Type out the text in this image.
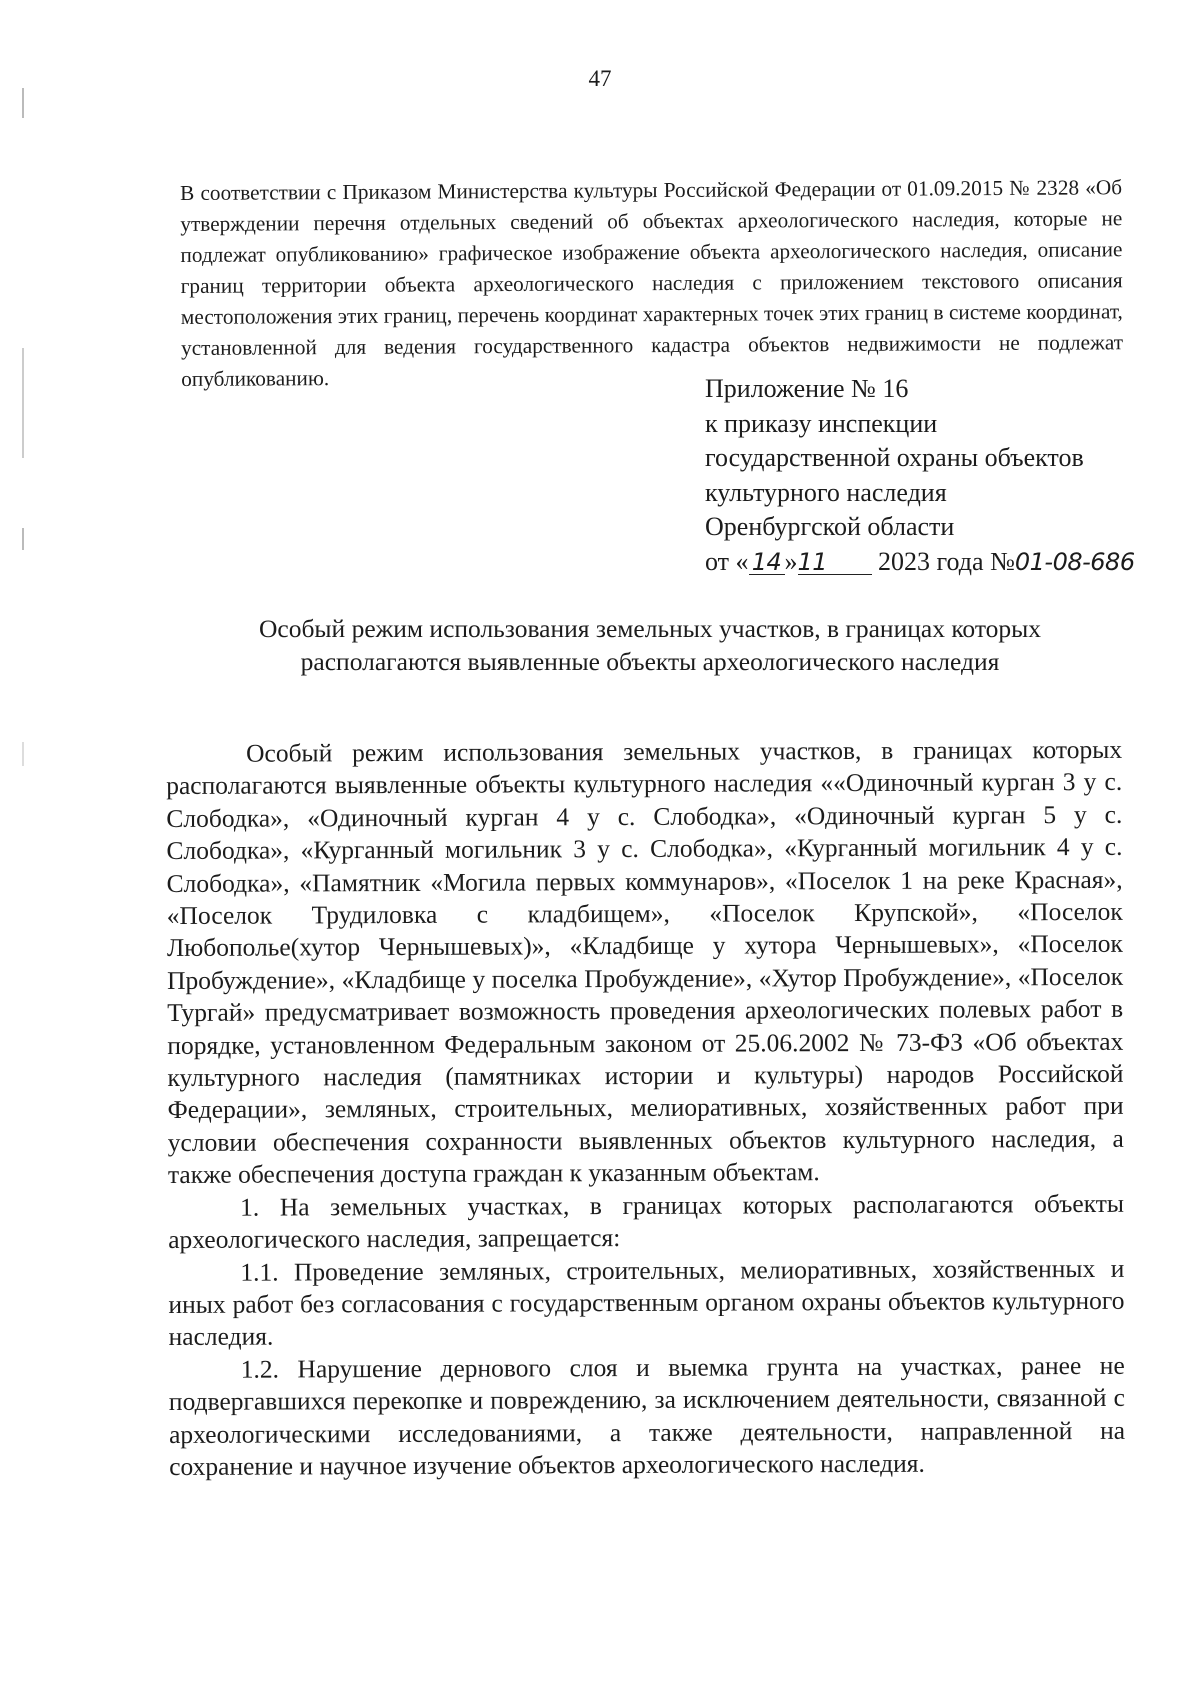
47
В соответствии с Приказом Министерства культуры Российской Федерации от 01.09.2015 № 2328 «Об утверждении перечня отдельных сведений об объектах археологического наследия, которые не подлежат опубликованию» графическое изображение объекта археологического наследия, описание границ территории объекта археологического наследия с приложением текстового описания местоположения этих границ, перечень координат характерных точек этих границ в системе координат, установленной для ведения государственного кадастра объектов недвижимости не подлежат опубликованию.	Приложение № 16
к приказу инспекции
государственной охраны объектов
культурного наследия
Оренбургской области
от « 14 »11 2023 года №01-08-686
Особый режим использования земельных участков, в границах которых
располагаются выявленные объекты археологического наследия

Особый режим использования земельных участков, в границах которых располагаются выявленные объекты культурного наследия ««Одиночный курган 3 у с. Слободка», «Одиночный курган 4 у с. Слободка», «Одиночный курган 5 у с. Слободка», «Курганный могильник 3 у с. Слободка», «Курганный могильник 4 у с. Слободка», «Памятник «Могила первых коммунаров», «Поселок 1 на реке Красная», «Поселок Трудиловка с кладбищем», «Поселок Крупской», «Поселок Любополье(хутор Чернышевых)», «Кладбище у хутора Чернышевых», «Поселок Пробуждение», «Кладбище у поселка Пробуждение», «Хутор Пробуждение», «Поселок Тургай» предусматривает возможность проведения археологических полевых работ в порядке, установленном Федеральным законом от 25.06.2002 № 73-ФЗ «Об объектах культурного наследия (памятниках истории и культуры) народов Российской Федерации», земляных, строительных, мелиоративных, хозяйственных работ при условии обеспечения сохранности выявленных объектов культурного наследия, а также обеспечения доступа граждан к указанным объектам.

1. На земельных участках, в границах которых располагаются объекты археологического наследия, запрещается:

1.1. Проведение земляных, строительных, мелиоративных, хозяйственных и иных работ без согласования с государственным органом охраны объектов культурного наследия.

1.2. Нарушение дернового слоя и выемка грунта на участках, ранее не подвергавшихся перекопке и повреждению, за исключением деятельности, связанной с археологическими исследованиями, а также деятельности, направленной на сохранение и научное изучение объектов археологического наследия.
